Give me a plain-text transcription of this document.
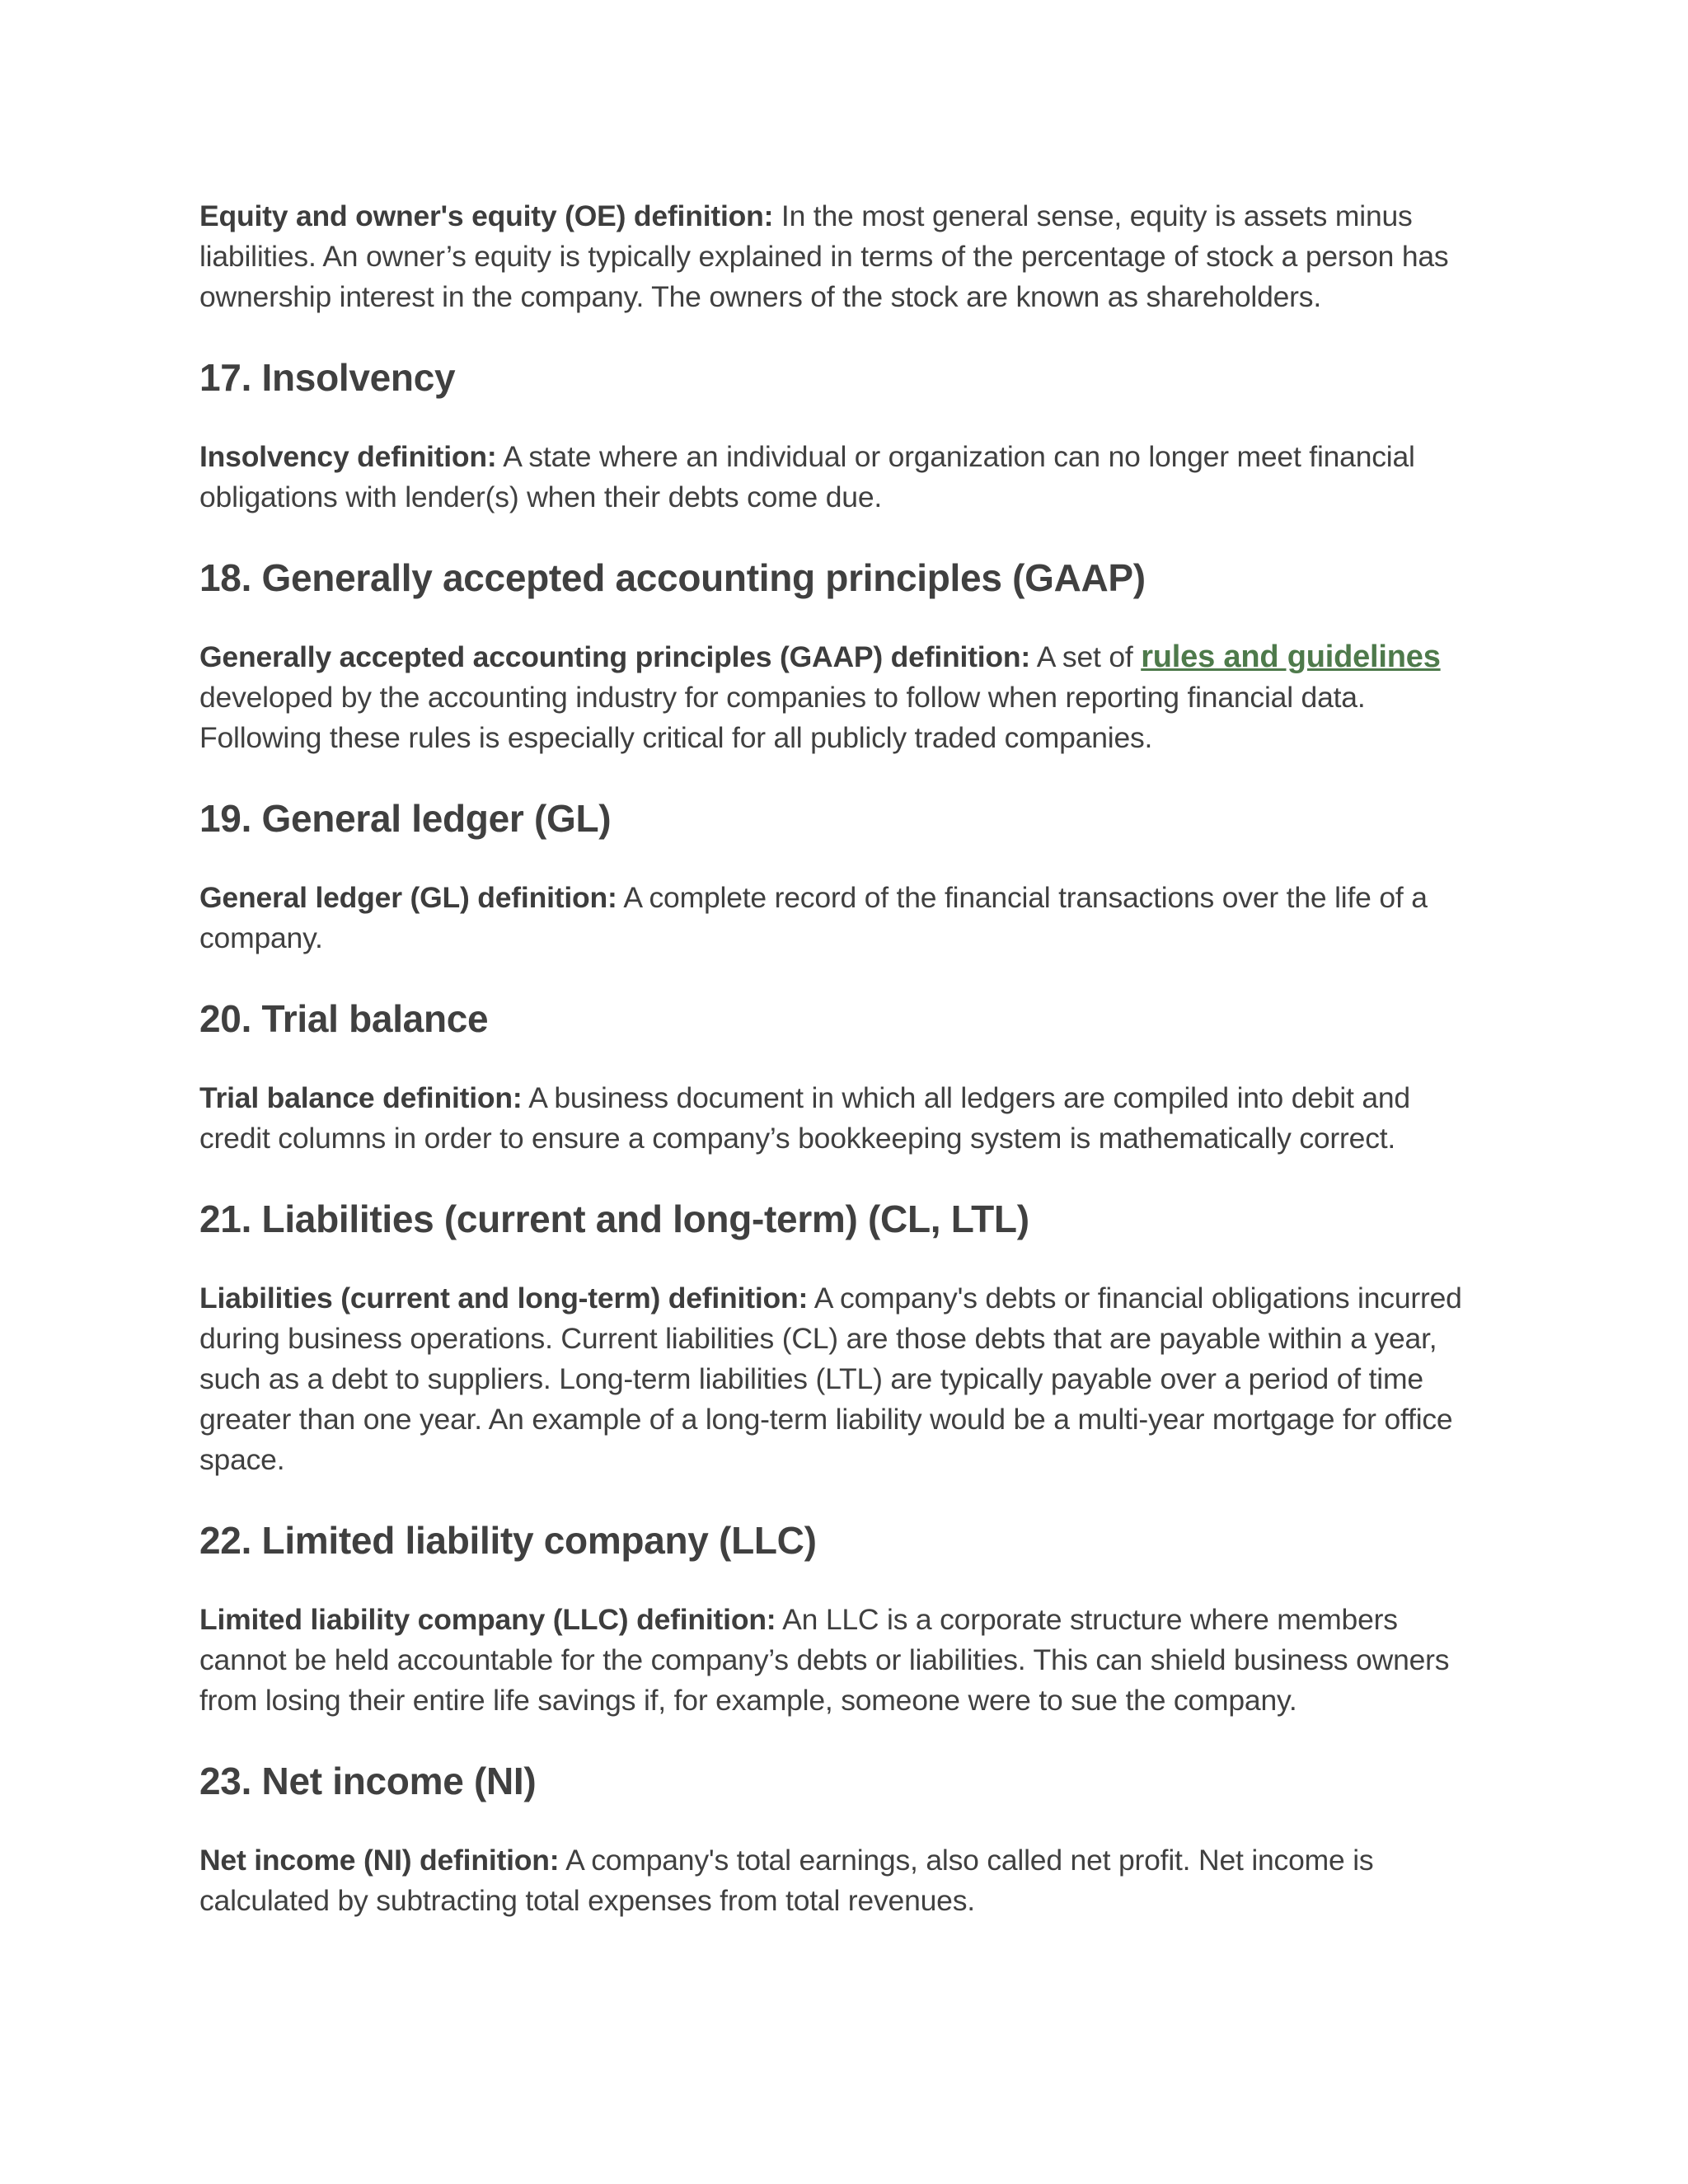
Equity and owner's equity (OE) definition: In the most general sense, equity is assets minus liabilities. An owner’s equity is typically explained in terms of the percentage of stock a person has ownership interest in the company. The owners of the stock are known as shareholders.

17. Insolvency

Insolvency definition: A state where an individual or organization can no longer meet financial obligations with lender(s) when their debts come due.

18. Generally accepted accounting principles (GAAP)

Generally accepted accounting principles (GAAP) definition: A set of rules and guidelines developed by the accounting industry for companies to follow when reporting financial data. Following these rules is especially critical for all publicly traded companies.

19. General ledger (GL)

General ledger (GL) definition: A complete record of the financial transactions over the life of a company.

20. Trial balance

Trial balance definition: A business document in which all ledgers are compiled into debit and credit columns in order to ensure a company’s bookkeeping system is mathematically correct.

21. Liabilities (current and long-term) (CL, LTL)

Liabilities (current and long-term) definition: A company's debts or financial obligations incurred during business operations. Current liabilities (CL) are those debts that are payable within a year, such as a debt to suppliers. Long-term liabilities (LTL) are typically payable over a period of time greater than one year. An example of a long-term liability would be a multi-year mortgage for office space.

22. Limited liability company (LLC)

Limited liability company (LLC) definition: An LLC is a corporate structure where members cannot be held accountable for the company’s debts or liabilities. This can shield business owners from losing their entire life savings if, for example, someone were to sue the company.

23. Net income (NI)

Net income (NI) definition: A company's total earnings, also called net profit. Net income is calculated by subtracting total expenses from total revenues.
